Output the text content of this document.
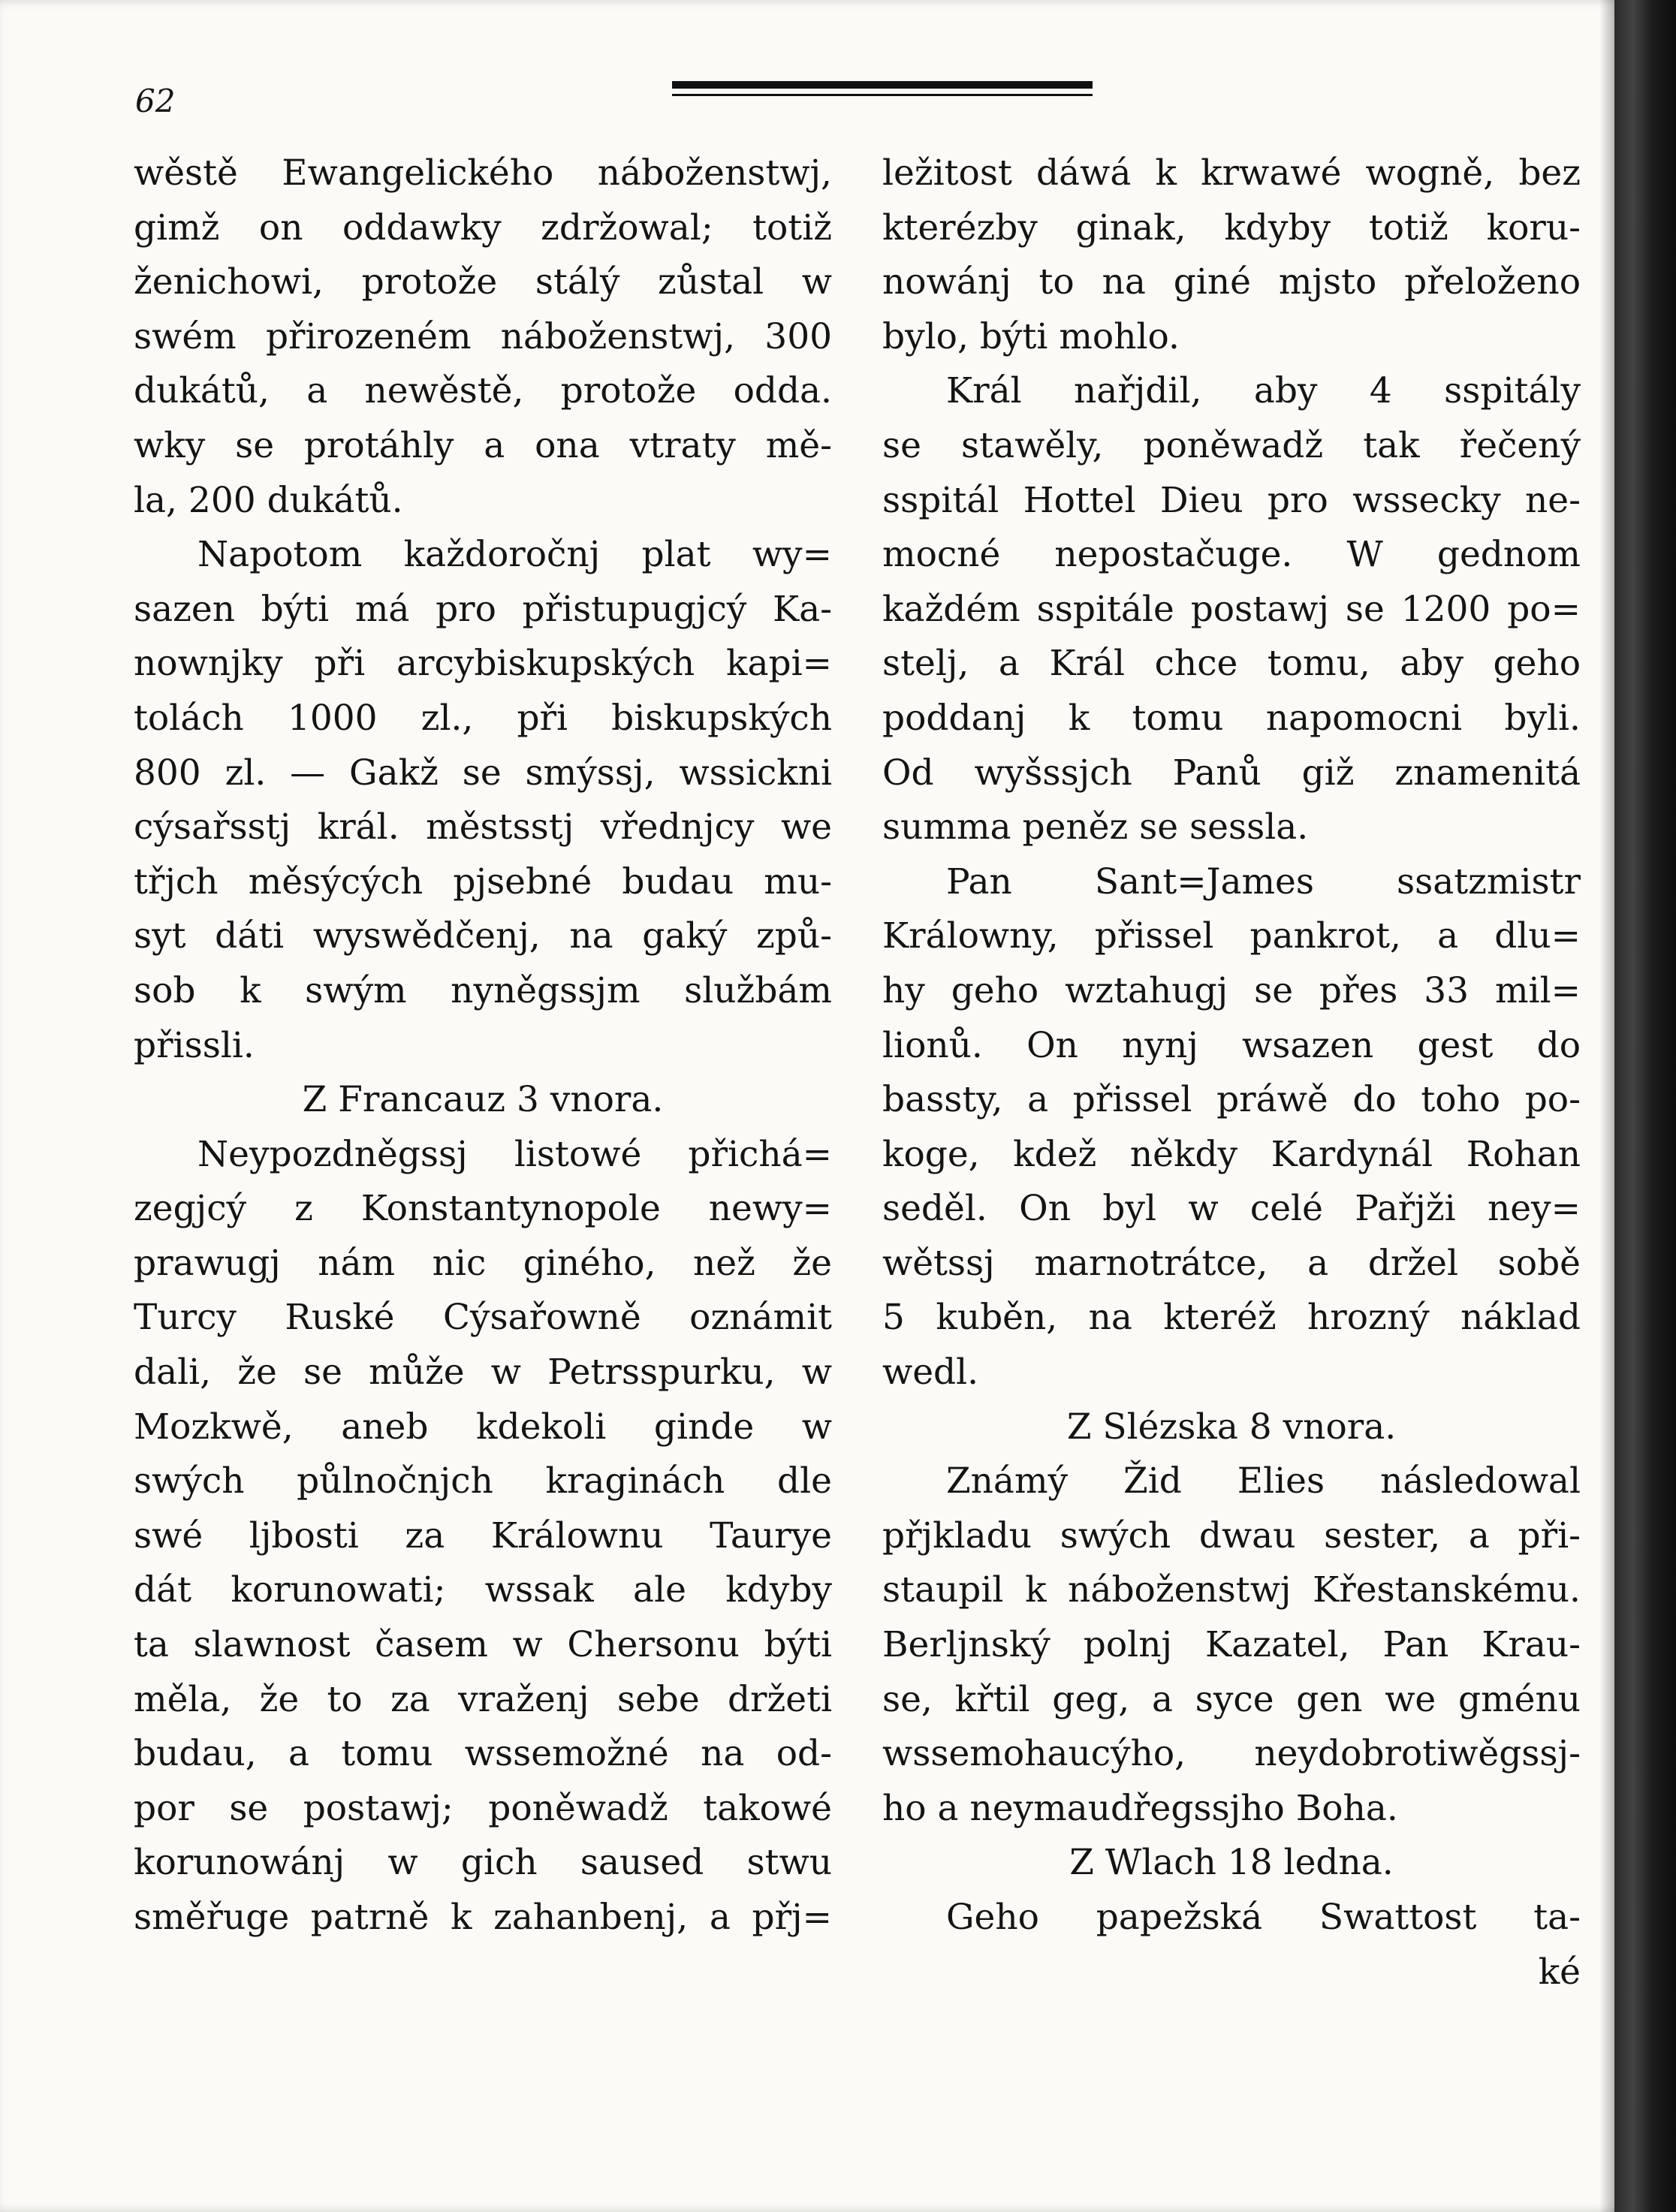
62
wěstě Ewangelického náboženstwj,
gimž on oddawky zdržowal; totiž
ženichowi, protože stálý zůstal w
swém přirozeném náboženstwj, 300
dukátů, a newěstě, protože odda.
wky se protáhly a ona vtraty mě-
la, 200 dukátů.
Napotom každoročnj plat wy=
sazen býti má pro přistupugjcý Ka-
nownjky při arcybiskupských kapi=
tolách 1000 zl., při biskupských
800 zl. — Gakž se smýssj, wssickni
cýsařsstj král. městsstj vřednjcy we
třjch měsýcých pjsebné budau mu-
syt dáti wyswědčenj, na gaký způ-
sob k swým nyněgssjm službám
přissli.
Z Francauz 3 vnora.
Neypozdněgssj listowé přichá=
zegjcý z Konstantynopole newy=
prawugj nám nic giného, než že
Turcy Ruské Cýsařowně oznámit
dali, že se může w Petrsspurku, w
Mozkwě, aneb kdekoli ginde w
swých půlnočnjch kraginách dle
swé ljbosti za Králownu Taurye
dát korunowati; wssak ale kdyby
ta slawnost časem w Chersonu býti
měla, že to za vraženj sebe držeti
budau, a tomu wssemožné na od-
por se postawj; poněwadž takowé
korunowánj w gich saused stwu
směřuge patrně k zahanbenj, a přj=
ležitost dáwá k krwawé wogně, bez
kterézby ginak, kdyby totiž koru-
nowánj to na giné mjsto přeloženo
bylo, býti mohlo.
Král nařjdil, aby 4 sspitály
se stawěly, poněwadž tak řečený
sspitál Hottel Dieu pro wssecky ne-
mocné nepostačuge. W gednom
každém sspitále postawj se 1200 po=
stelj, a Král chce tomu, aby geho
poddanj k tomu napomocni byli.
Od wyšssjch Panů giž znamenitá
summa peněz se sessla.
Pan Sant=James ssatzmistr
Králowny, přissel pankrot, a dlu=
hy geho wztahugj se přes 33 mil=
lionů. On nynj wsazen gest do
bassty, a přissel práwě do toho po-
koge, kdež někdy Kardynál Rohan
seděl. On byl w celé Pařjži ney=
wětssj marnotrátce, a držel sobě
5 kuběn, na kteréž hrozný náklad
wedl.
Z Slézska 8 vnora.
Známý Žid Elies následowal
přjkladu swých dwau sester, a při-
staupil k náboženstwj Křestanskému.
Berljnský polnj Kazatel, Pan Krau-
se, křtil geg, a syce gen we gménu
wssemohaucýho, neydobrotiwěgssj-
ho a neymaudřegssjho Boha.
Z Wlach 18 ledna.
Geho papežská Swattost ta-
ké
